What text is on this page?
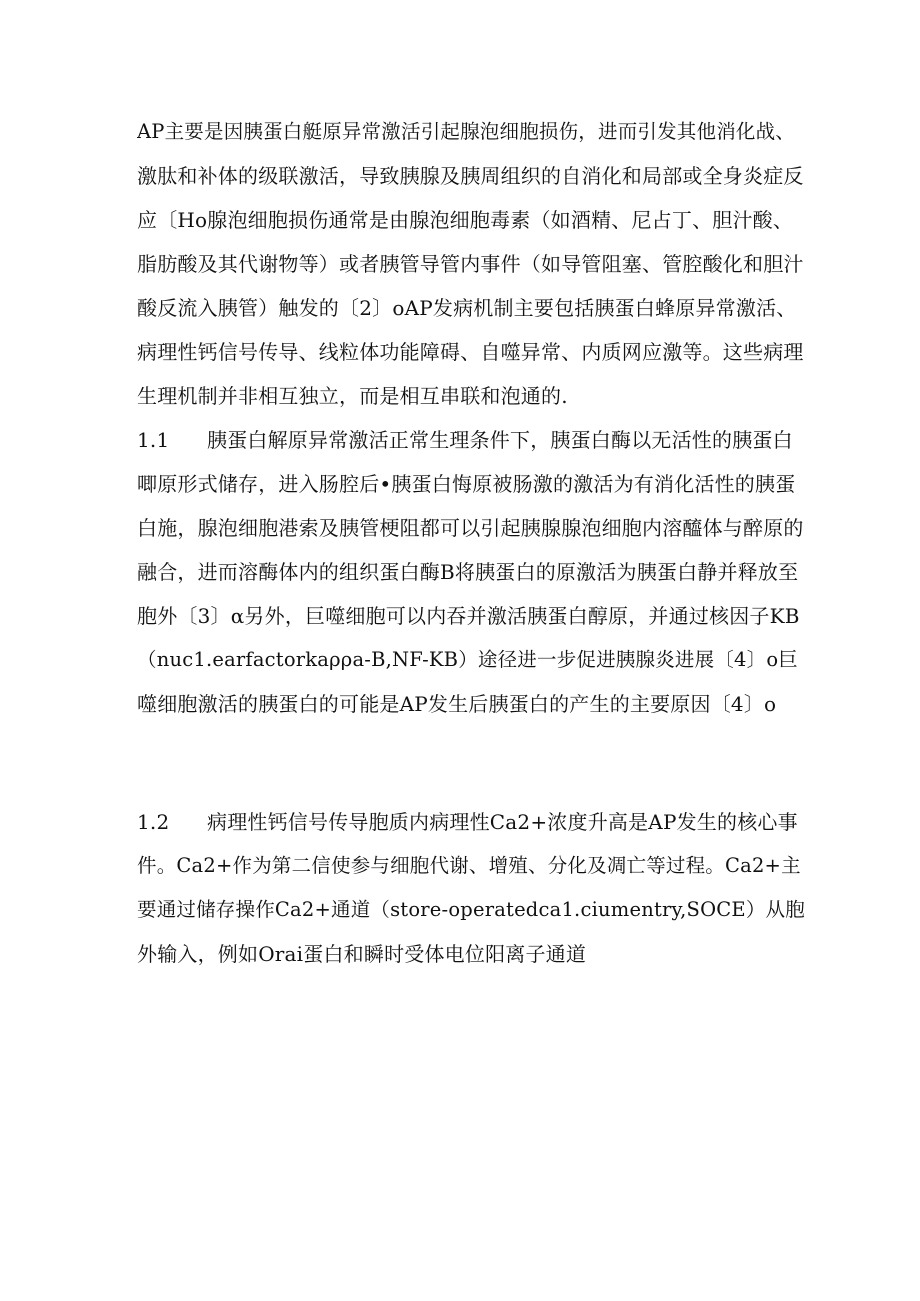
AP主要是因胰蛋白艇原异常激活引起腺泡细胞损伤，进而引发其他消化战、
激肽和补体的级联激活，导致胰腺及胰周组织的自消化和局部或全身炎症反
应〔Ho腺泡细胞损伤通常是由腺泡细胞毒素（如酒精、尼占丁、胆汁酸、
脂肪酸及其代谢物等）或者胰管导管内事件（如导管阻塞、管腔酸化和胆汁
酸反流入胰管）触发的〔2〕oAP发病机制主要包括胰蛋白蜂原异常激活、
病理性钙信号传导、线粒体功能障碍、自噬异常、内质网应激等。这些病理
生理机制并非相互独立，而是相互串联和泡通的.
1.1 胰蛋白解原异常激活正常生理条件下，胰蛋白酶以无活性的胰蛋白
唧原形式储存，进入肠腔后•胰蛋白悔原被肠激的激活为有消化活性的胰蛋
白施，腺泡细胞港索及胰管梗阻都可以引起胰腺腺泡细胞内溶醯体与醉原的
融合，进而溶酶体内的组织蛋白酶B将胰蛋白的原激活为胰蛋白静并释放至
胞外〔3〕α另外，巨噬细胞可以内吞并激活胰蛋白醇原，并通过核因子KB
（nuc1.earfactorkaρρa-B,NF-KB）途径进一步促进胰腺炎进展〔4〕o巨
噬细胞激活的胰蛋白的可能是AP发生后胰蛋白的产生的主要原因〔4〕o
1.2 病理性钙信号传导胞质内病理性Ca2+浓度升高是AP发生的核心事
件。Ca2+作为第二信使参与细胞代谢、增殖、分化及凋亡等过程。Ca2+主
要通过储存操作Ca2+通道（store-operatedca1.ciumentry,SOCE）从胞
外输入，例如Orai蛋白和瞬时受体电位阳离子通道
